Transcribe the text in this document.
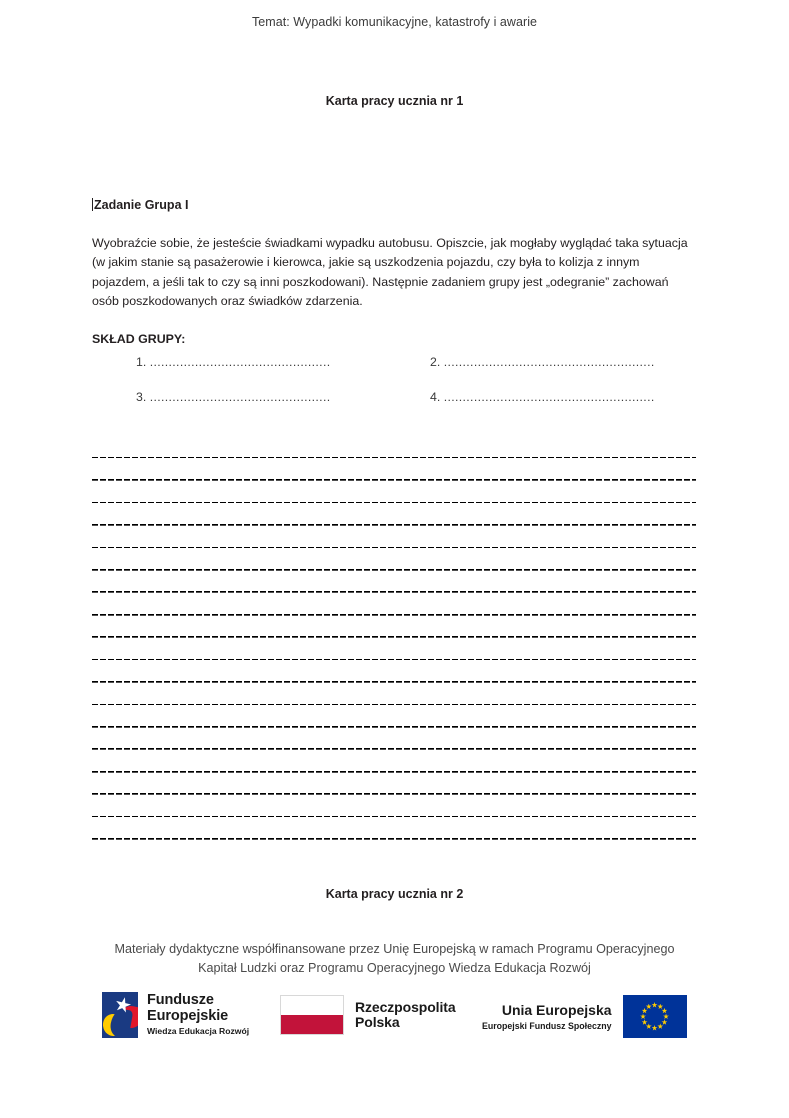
Temat: Wypadki komunikacyjne, katastrofy i awarie
Karta pracy ucznia nr 1
Zadanie Grupa I

Wyobraźcie sobie, że jesteście świadkami wypadku autobusu. Opiszcie, jak mogłaby wyglądać taka sytuacja (w jakim stanie są pasażerowie i kierowca, jakie są uszkodzenia pojazdu, czy była to kolizja z innym pojazdem, a jeśli tak to czy są inni poszkodowani). Następnie zadaniem grupy jest „odegranie” zachowań osób poszkodowanych oraz świadków zdarzenia.

SKŁAD GRUPY:

1. ................................................	2. ........................................................
3. ................................................	4. ........................................................
Karta pracy ucznia nr 2
Materiały dydaktyczne współfinansowane przez Unię Europejską w ramach Programu Operacyjnego
Kapitał Ludzki oraz Programu Operacyjnego Wiedza Edukacja Rozwój
Fundusze
Europejskie
Wiedza Edukacja Rozwój
Rzeczpospolita
Polska
Unia Europejska
Europejski Fundusz Społeczny
